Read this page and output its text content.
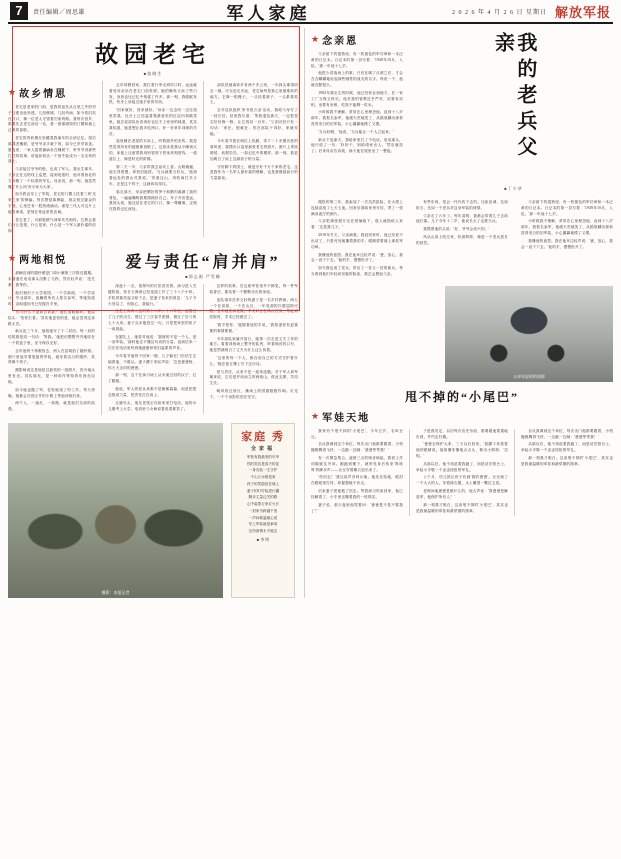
7	责任编辑／周思雄	军人家庭	2 0 2 6 年 4 月 2 6 日 星期日 解放军报
故园老宅
■莫晓生
★ 故乡情思

老宅是老家的门面，是我的祖先从百里之外的村子迁徙至此所建，几经修缮，几经风雨，如今依旧站在村口，像一位老人守望着归家的路。我每次回乡，都要先去老宅前站一站，看一看那斑驳的门楣和墙上泛黄的春联。

老宅的青砖黛瓦里藏着我童年的全部记忆。屋后那棵老槐树，是爷爷亲手栽下的，如今已亭亭如盖。夏夜里，一家人摇着蒲扇坐在槐树下，听爷爷讲那些打仗的故事，讲他如何从一个放牛娃成为一名光荣的战士。

父亲接过爷爷的枪，也成了军人。我出生那年，父亲正在边防线上巡逻，接到电报时，他对着西北的方向敬了一个标准的军礼。母亲说，那一刻，她忽然懂了什么叫'舍小家为大家'。

如今我也穿上了军装，老宅的门楣上挂着三块'光荣之家'的牌匾。每次擦拭那牌匾，指尖划过鎏金的字迹，心里总有一股热流涌动。那是三代人对这片土地的承诺，是刻在骨血里的忠诚。

老宅老了，可那股精气神却代代相传。它教会我们什么是根，什么是家，什么是一个军人最朴素的信仰。

去年休假回家，我扛着行李走到村口时，远远就看见母亲站在老宅门前张望。她的鬓角又添了些白发，身形也比记忆中佝偻了许多。那一刻，我眼眶发热，快步上前接过她手里的东西。

'回来就好，回来就好。'母亲一边念叨一边往屋里带我，灶台上已经温着我最爱吃的红烧肉和酸菜鱼。她总说部队伙食再好也比不上家里的味道，其实我知道，她是想让我多吃两口，补一补常年训练的辛苦。

夜里睡在老屋的木床上，听着窗外的虫鸣，我忽然觉得所有的疲惫都消散了。这张床是我从小睡到大的，床板上还留着我用铅笔刻下的身高刻度线，一道道往上，像是时光的阶梯。

第二天一早，父亲带我去祖坟上香。山路蜿蜒，他走得很慢，却依旧挺拔。'当兵就要当好兵，'他指着远处的群山对我说，'你看这山，风吹雨打多少年，还是这个样子，这就叫站得住。'

临走那天，母亲把晒好的笋干和腊肉塞满了我的背包，一遍遍嘱咐我要照顾好自己。车子开出很远，我回头看，她还站在老宅的门口，像一尊雕像，定格在我的记忆深处。

部队驻地离家乡有两千多公里，一年到头难得回去一趟。可无论走多远，老宅始终是我心里最柔软的地方。它像一根绳子，一头拴着游子，一头系着故土。

去年连队组织'家书抵万金'活动，我给父母写了一封长信。信里我写道：'等我退伍那天，一定把老宅好好修一修，让它再站一百年。'父亲回信只有一句话：'家在，根就在；你在部队干得好，家就安稳。'

今年春节我在哨位上执勤，零下二十多摄氏度的寒风里，我摸出口袋里那张老宅的照片。照片上青砖斑驳，炊烟袅袅，一如记忆中的模样。那一刻，我更加明白了肩上这副担子的分量。

守好脚下的国土，就是守好千万个家的老宅。这是我作为一名军人最朴素的理解，也是我继续前行的力量源泉。

★ 两地相悦

那辆迟到的婚纱照是门周小满第三次推迟婚期。未婚妻在电话那头沉默了几秒，然后轻声说：'没关系，我等你。'

他们相识于大学校园，一个学新闻，一个学设计。毕业那年，他瞒着所有人报名参军，等她知道时，录取通知书已经握在手里。

'你为什么不提前告诉我？'她红着眼睛问。他挠挠头：'怕你拦着。'其实他更怕的是，她会觉得这条路太苦。

新兵连三个月，他给她写了十二封信。每一封的结尾都是同一句话：'等我。'她把信整整齐齐地收在一个铁盒子里，至今保存完好。

去年他终于休假回去，两人在县城拍了婚纱照。照片里他穿着笔挺的军装，她穿着洁白的婚纱，笑得像个孩子。

摄影师说这是他拍过最美的一组照片，因为镜头里有光。其实那光，是一种叫作等待的东西在闪烁。

如今她也随了军，在驻地找了份工作。每天傍晚，她都会在营区外的小路上等他训练归来。

两个人，一盏灯，一条路，就是他们全部的浪漫。

爱与责任“肩并肩”
■郭志刚 严雪峰

深夜十一点，指挥所的灯依旧亮着。演习进入关键阶段，营长王海涛已经连续工作了三十八个小时。手机屏幕亮起又暗下去，是妻子发来的消息：'儿子今天发烧了，别担心，我能行。'

这是王海涛入伍的第十六年。十六年里，他错过了儿子的出生、错过了三次春节团圆、错过了岳父的七十大寿。妻子从未抱怨过一句，只是把家里的担子一肩挑起。

在婚礼上，她曾对他说：'我嫁的不是一个人，是一身军装。'那时他还不懂这句话的分量，直到后来一次次在电话里听到她疲惫却依旧温柔的声音。

今年春节他终于回家一趟，儿子躲在门后怯生生地看他，不敢认。妻子蹲下来轻声说：'这是爸爸呀，你天天念叨的爸爸。'

那一刻，这个在演习场上从未流过泪的汉子，红了眼眶。

他说，军人的爱从来都不是朝朝暮暮，而是把思念熬成力量，把责任扛在肩上。

走廊尽头，战友老张正在给家里打电话。他的女儿刚考上大学，电话里父女俩说着说着都笑了。

这样的故事，在这座军营里并不鲜见。每一件军装背后，都站着一个默默付出的家庭。

连队指导员李文轩的妻子是一名乡村教师。两人一个在高原，一个在山区，一年见面的次数屈指可数。去年她生病住院，李文轩正在执行任务，等赶到医院时，手术已经做完了。

'我不怪你，'她握着他的手说，'我知道你有更重要的事情要做。'

今年部队家属开放日，她第一次走进丈夫工作的地方。看着训练场上整齐的队列，听着响亮的口号，她忽然就明白了丈夫为什么这么执着。

'这里的每一个人，都在用自己的方式守护着什么。'她在留言簿上写下这句话。

爱与责任，从来不是一道单选题。对于军人和军属来说，它们是并肩而立的两座山，彼此支撑，共同生长。

晚风吹过营区，操场上的国旗猎猎作响。灯光下，一个个身影依旧在坚守。

摄影：本报记者
家庭 秀
全家福
军营有我最美的年华
你的笑容是春天的花
一身戎装一生守护
千山万水都是家
孩子的笑脸挂在墙上
妻子的叮咛装进行囊
脚步丈量边关的路
心中装着万家灯火长
一封家书跨越千里
一声问候温暖心底
穿上军装就是承诺
这份深情永不褪去
■ 李 明
★ 念亲恩

父亲留下的遗物里，有一枚褪色的军功章和一本泛黄的日记本。日记本的第一页写着：'1949年10月，入伍。'那一年他十七岁。

他很少讲战场上的事。只有在喝了点酒之后，才会含含糊糊地说起那些牺牲的战友的名字。每说一个，他就沉默很久。

1982年我出生的时候，他已经转业到地方，在一家工厂当保卫科长。他对我的管教近乎严苛，站要有站相，坐要有坐相，吃饭不能剩一粒米。

小时候我不理解，常常在心里埋怨他。直到十八岁那年，我报名参军，他破天荒地笑了，从箱底翻出那套洗得发白的旧军装，小心翼翼地摸了又摸。

'当兵好啊，'他说，'当兵能让一个人立起来。'

新兵下连那天，我给家里打了个电话。电话那头，他只说了一句：'好好干，别给咱家丢人。'然后就挂了。后来母亲告诉我，那天他在屋里坐了一整夜。	我的老兵父亲
■丁少华

服役的第三年，我参加了一次抗洪抢险，在大堤上连续奋战了七天七夜。回来后我给家里写信，寄了一张满身泥泞的照片。

父亲把那张照片压在玻璃板下，逢人就指给人家看：'这是我儿子。'

2018年冬天，父亲病重。我赶回家时，他已经说不出话了，只是死死地攥着我的手，眼睛望着墙上那枚军功章。

我懂他的意思。我在他耳边轻声说：'爸，放心，我会一直干下去。'他的手，慢慢松开了。

如今我也成了老兵，带出了一茬又一茬的新兵。每当看到他们年轻而坚毅的脸庞，我总会想起父亲。

有些东西，是会一代代传下去的。比如忠诚，比如担当，比如一个老兵对这身军装的深情。

父亲走了六年了。每年清明，我都会带着儿子去给他扫墓。儿子今年十二岁，他说长大了也要当兵。

我摸着他的头说：'好，爷爷会高兴的。'

风从山岗上吹过来，松涛阵阵，像是一个老兵悠长的回答。

父亲留下的遗物里，有一枚褪色的军功章和一本泛黄的日记本。日记本的第一页写着：'1949年10月，入伍。'那一年他十七岁。

小时候我不理解，常常在心里埋怨他。直到十八岁那年，我报名参军，他破天荒地笑了，从箱底翻出那套洗得发白的旧军装，小心翼翼地摸了又摸。

我懂他的意思。我在他耳边轻声说：'爸，放心，我会一直干下去。'他的手，慢慢松开了。

父亲年轻时的留影
甩不掉的“小尾巴”
★ 军娃天地

我家有个甩不掉的'小尾巴'，今年五岁，名叫豆豆。

自从我调到这个单位，每次出门他都要跟着，小短腿倒腾得飞快，一边跑一边喊：'爸爸等等我！'

有一次紧急集合，凌晨三点的哨音响起，我套上作训服就往外冲。刚跑到楼下，就听见身后传来'咚咚咚'的脚步声——豆豆穿着睡衣追出来了。

'你回去！'我压低声音呵斥他。他站在原地，眼泪在眼眶里打转，却倔强地不肯走。

后来妻子把他抱了回去。等我演习结束回家，他已经睡着了，小手里还攥着我的一枚领花。

妻子说，那天夜里他哭着问：'爸爸是不是不要我了？'

于是我决定，以后每次出任务前，都要跟他郑重地告别，并约定归期。

'爸爸去保护大家，三天以后回来。'我蹲下来看着他的眼睛说。他似懂非懂地点点头，伸出小拇指：'拉钩。'

从那以后，他不再追着我跑了，而是站在阳台上，举起小手敬一个歪歪扭扭的军礼。

上个月，幼儿园让孩子们画'我的爸爸'。豆豆画了一个大大的人，穿着绿衣服，头上戴着一颗红五星。

老师问他爸爸是做什么的，他大声说：'我爸爸是解放军，他保护所有人！'

那一刻我才明白，这条甩不掉的'小尾巴'，其实也是我最温暖的牵挂和最骄傲的勋章。

自从我调到这个单位，每次出门他都要跟着，小短腿倒腾得飞快，一边跑一边喊：'爸爸等等我！'

从那以后，他不再追着我跑了，而是站在阳台上，举起小手敬一个歪歪扭扭的军礼。

那一刻我才明白，这条甩不掉的'小尾巴'，其实也是我最温暖的牵挂和最骄傲的勋章。
